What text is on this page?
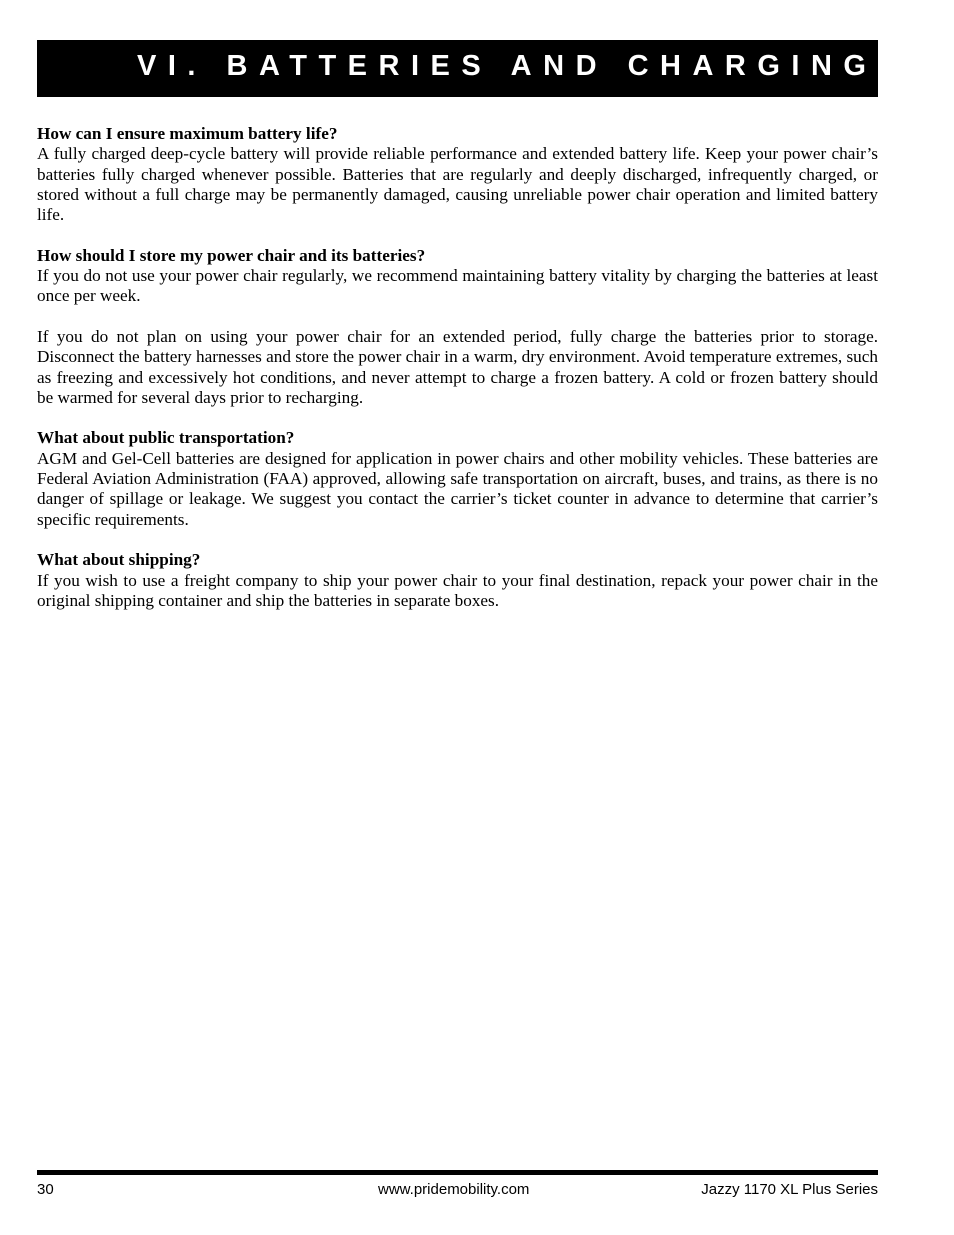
VI. BATTERIES AND CHARGING

How can I ensure maximum battery life?

A fully charged deep-cycle battery will provide reliable performance and extended battery life. Keep your power chair’s batteries fully charged whenever possible. Batteries that are regularly and deeply discharged, infrequently charged, or stored without a full charge may be permanently damaged, causing unreliable power chair operation and limited battery life.

How should I store my power chair and its batteries?

If you do not use your power chair regularly, we recommend maintaining battery vitality by charging the batteries at least once per week.

If you do not plan on using your power chair for an extended period, fully charge the batteries prior to storage. Disconnect the battery harnesses and store the power chair in a warm, dry environment. Avoid temperature extremes, such as freezing and excessively hot conditions, and never attempt to charge a frozen battery. A cold or frozen battery should be warmed for several days prior to recharging.

What about public transportation?

AGM and Gel-Cell batteries are designed for application in power chairs and other mobility vehicles. These batteries are Federal Aviation Administration (FAA) approved, allowing safe transportation on aircraft, buses, and trains, as there is no danger of spillage or leakage. We suggest you contact the carrier’s ticket counter in advance to determine that carrier’s specific requirements.

What about shipping?

If you wish to use a freight company to ship your power chair to your final destination, repack your power chair in the original shipping container and ship the batteries in separate boxes.

30	www.pridemobility.com	Jazzy 1170 XL Plus Series
